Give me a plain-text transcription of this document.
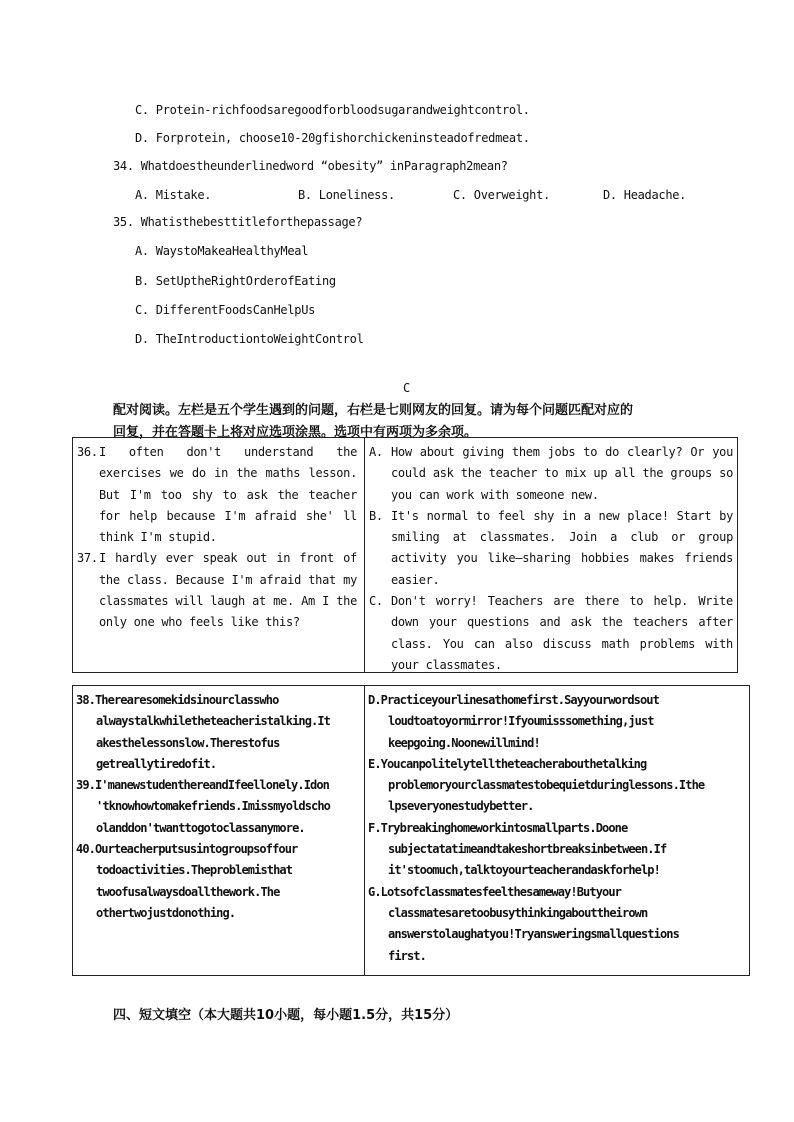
C. Protein-richfoodsaregoodforbloodsugarandweightcontrol.
D. Forprotein, choose10-20gfishorchickeninsteadofredmeat.
34. Whatdoestheunderlinedword “obesity” inParagraph2mean?
A. Mistake.	B. Loneliness.	C. Overweight.	D. Headache.
35. Whatisthebesttitleforthepassage?
A. WaystoMakeaHealthyMeal
B. SetUptheRightOrderofEating
C. DifferentFoodsCanHelpUs
D. TheIntroductiontoWeightControl
C
配对阅读。左栏是五个学生遇到的问题，右栏是七则网友的回复。请为每个问题匹配对应的
回复，并在答题卡上将对应选项涂黑。选项中有两项为多余项。
36. I often don't understand the exercises we do in the maths lesson. But I'm too shy to ask the teacher for help because I'm afraid she' ll think I'm stupid.
37. I hardly ever speak out in front of the class. Because I'm afraid that my classmates will laugh at me. Am I the only one who feels like this?
A. How about giving them jobs to do clearly? Or you could ask the teacher to mix up all the groups so you can work with someone new.
B. It's normal to feel shy in a new place! Start by smiling at classmates. Join a club or group activity you like—sharing hobbies makes friends easier.
C. Don't worry! Teachers are there to help. Write down your questions and ask the teachers after class. You can also discuss math problems with your classmates.

38.Therearesomekidsinourclasswho

alwaystalkwhiletheteacheristalking.It

akesthelessonslow.Therestofus

getreallytiredofit.

39.I'manewstudenthereandIfeellonely.Idon

'tknowhowtomakefriends.Imissmyoldscho

olanddon'twanttogotoclassanymore.

40.Ourteacherputsusintogroupsoffour

todoactivities.Theproblemisthat

twoofusalwaysdoallthework.The

othertwojustdonothing.

D.Practiceyourlinesathomefirst.Sayyourwordsout

loudtoatoyormirror!Ifyoumisssomething,just

keepgoing.Noonewillmind!

E.Youcanpolitelytelltheteacherabouthetalking

problemoryourclassmatestobequietduringlessons.Ithe

lpseveryonestudybetter.

F.Trybreakinghomeworkintosmallparts.Doone

subjectatatimeandtakeshortbreaksinbetween.If

it'stoomuch,talktoyourteacherandaskforhelp!

G.Lotsofclassmatesfeelthesameway!Butyour

classmatesaretoobusythinkingabouttheirown

answerstolaughatyou!Tryansweringsmallquestions

first.

四、短文填空（本大题共10小题，每小题1.5分，共15分）
